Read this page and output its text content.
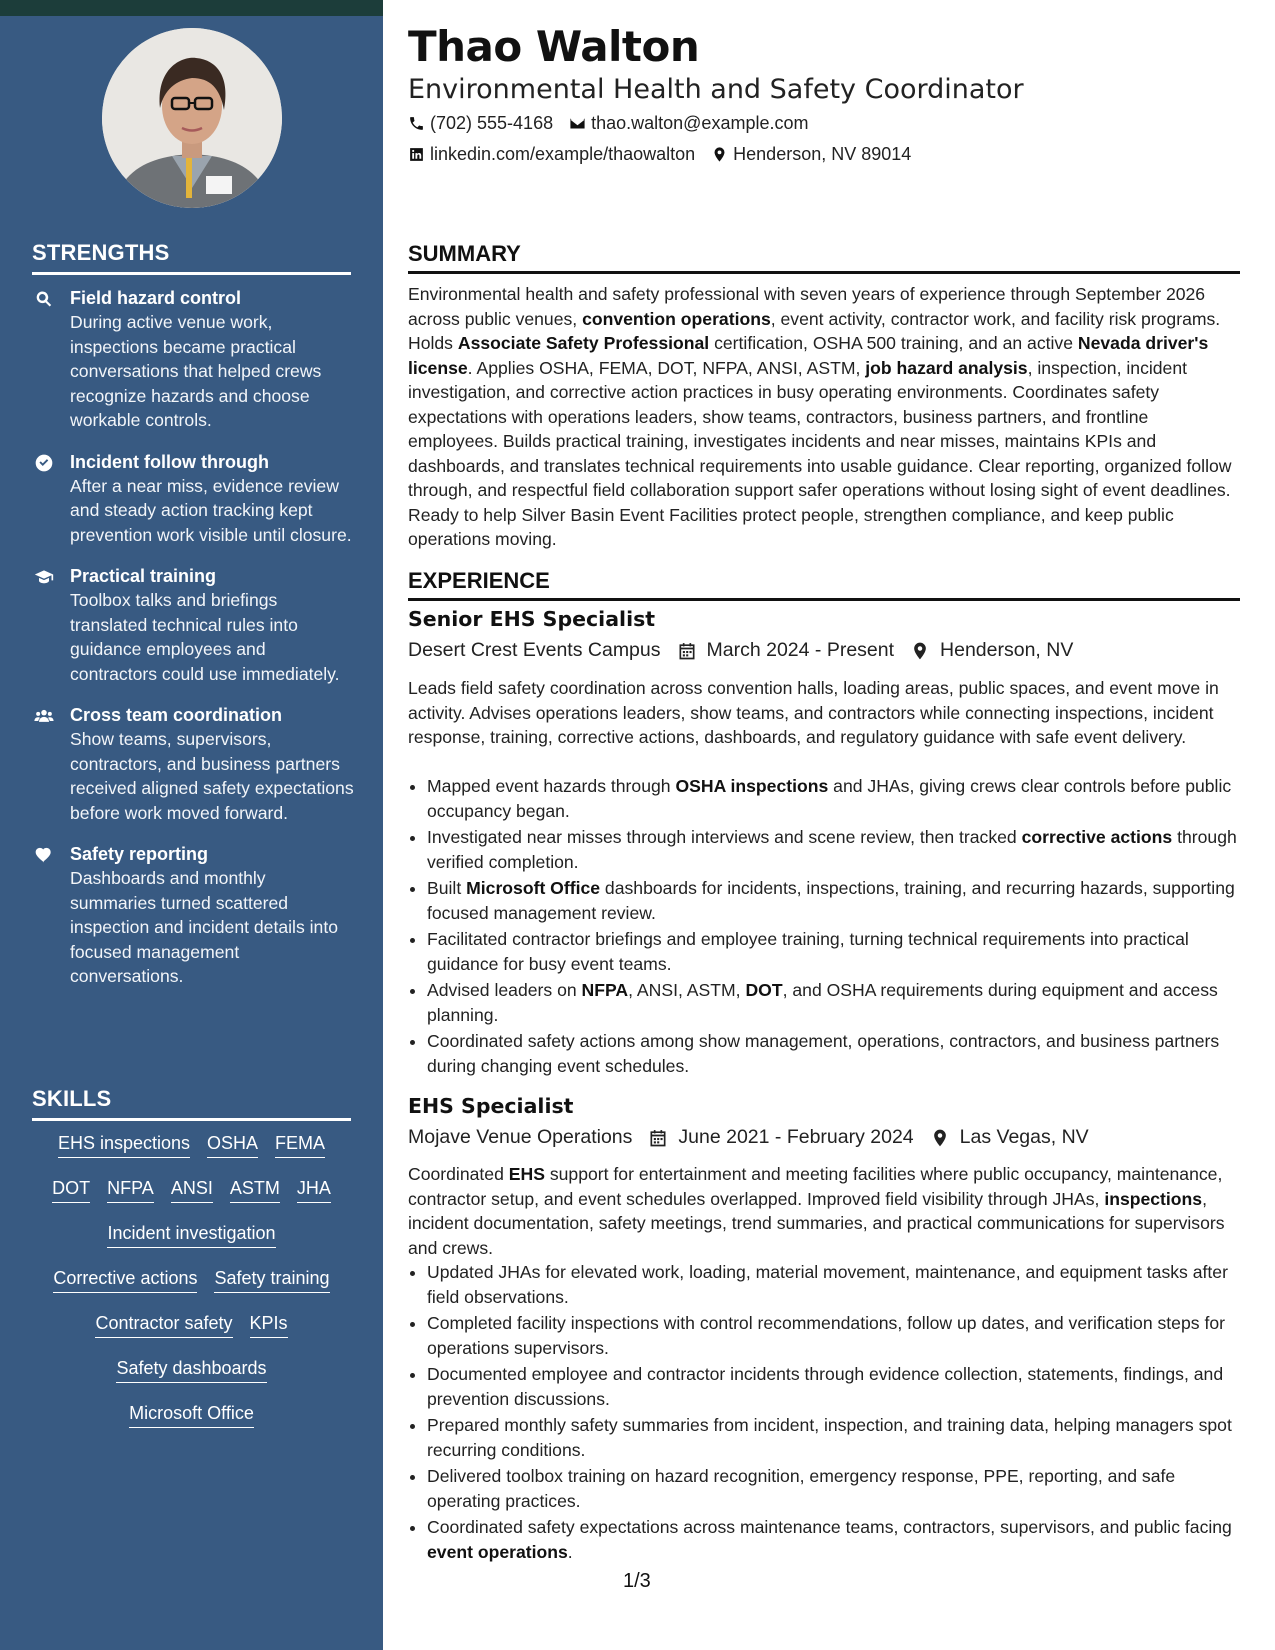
STRENGTHS
Field hazard control
During active venue work, inspections became practical conversations that helped crews recognize hazards and choose workable controls.
Incident follow through
After a near miss, evidence review and steady action tracking kept prevention work visible until closure.
Practical training
Toolbox talks and briefings translated technical rules into guidance employees and contractors could use immediately.
Cross team coordination
Show teams, supervisors, contractors, and business partners received aligned safety expectations before work moved forward.
Safety reporting
Dashboards and monthly summaries turned scattered inspection and incident details into focused management conversations.
SKILLS
EHS inspections OSHA FEMA
DOT NFPA ANSI ASTM JHA
Incident investigation
Corrective actions Safety training
Contractor safety KPIs
Safety dashboards
Microsoft Office
Thao Walton
Environmental Health and Safety Coordinator
(702) 555-4168 thao.walton@example.com
linkedin.com/example/thaowalton Henderson, NV 89014
SUMMARY

Environmental health and safety professional with seven years of experience through September 2026 across public venues, convention operations, event activity, contractor work, and facility risk programs. Holds Associate Safety Professional certification, OSHA 500 training, and an active Nevada driver's license. Applies OSHA, FEMA, DOT, NFPA, ANSI, ASTM, job hazard analysis, inspection, incident investigation, and corrective action practices in busy operating environments. Coordinates safety expectations with operations leaders, show teams, contractors, business partners, and frontline employees. Builds practical training, investigates incidents and near misses, maintains KPIs and dashboards, and translates technical requirements into usable guidance. Clear reporting, organized follow through, and respectful field collaboration support safer operations without losing sight of event deadlines. Ready to help Silver Basin Event Facilities protect people, strengthen compliance, and keep public operations moving.

EXPERIENCE
Senior EHS Specialist
Desert Crest Events Campus March 2024 - Present Henderson, NV

Leads field safety coordination across convention halls, loading areas, public spaces, and event move in activity. Advises operations leaders, show teams, and contractors while connecting inspections, incident response, training, corrective actions, dashboards, and regulatory guidance with safe event delivery.

• Mapped event hazards through OSHA inspections and JHAs, giving crews clear controls before public occupancy began.
• Investigated near misses through interviews and scene review, then tracked corrective actions through verified completion.
• Built Microsoft Office dashboards for incidents, inspections, training, and recurring hazards, supporting focused management review.
• Facilitated contractor briefings and employee training, turning technical requirements into practical guidance for busy event teams.
• Advised leaders on NFPA, ANSI, ASTM, DOT, and OSHA requirements during equipment and access planning.
• Coordinated safety actions among show management, operations, contractors, and business partners during changing event schedules.
EHS Specialist
Mojave Venue Operations June 2021 - February 2024 Las Vegas, NV

Coordinated EHS support for entertainment and meeting facilities where public occupancy, maintenance, contractor setup, and event schedules overlapped. Improved field visibility through JHAs, inspections, incident documentation, safety meetings, trend summaries, and practical communications for supervisors and crews.

• Updated JHAs for elevated work, loading, material movement, maintenance, and equipment tasks after field observations.
• Completed facility inspections with control recommendations, follow up dates, and verification steps for operations supervisors.
• Documented employee and contractor incidents through evidence collection, statements, findings, and prevention discussions.
• Prepared monthly safety summaries from incident, inspection, and training data, helping managers spot recurring conditions.
• Delivered toolbox training on hazard recognition, emergency response, PPE, reporting, and safe operating practices.
• Coordinated safety expectations across maintenance teams, contractors, supervisors, and public facing event operations.
1/3
